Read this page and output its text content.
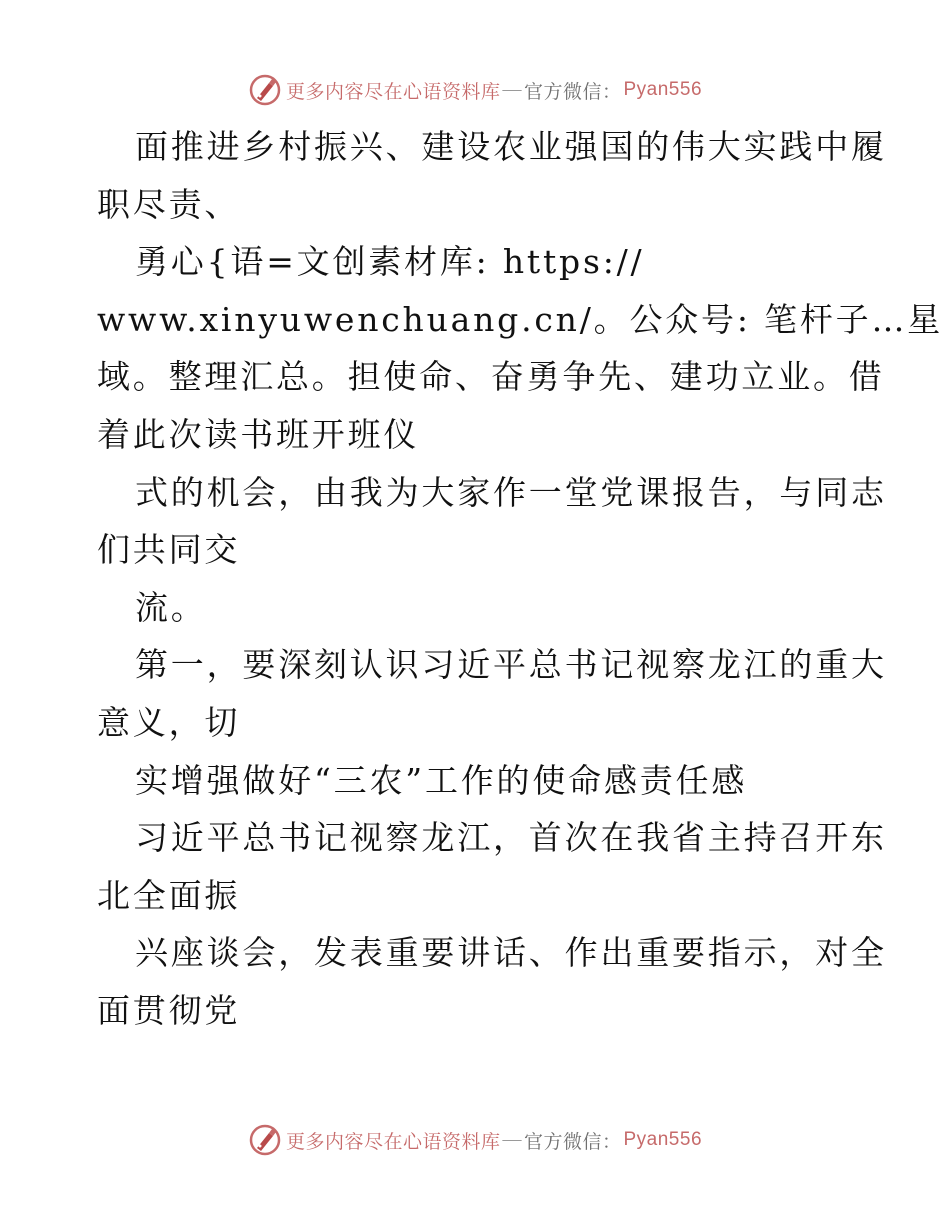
更多内容尽在心语资料库 — 官方微信： Pyan556
面推进乡村振兴、建设农业强国的伟大实践中履
职尽责、
勇心{语=文创素材库: https://
www.xinyuwenchuang.cn/。公众号: 笔杆子…星
域。整理汇总。担使命、奋勇争先、建功立业。借
着此次读书班开班仪
式的机会，由我为大家作一堂党课报告，与同志
们共同交
流。
第一，要深刻认识习近平总书记视察龙江的重大
意义，切
实增强做好“三农”工作的使命感责任感
习近平总书记视察龙江，首次在我省主持召开东
北全面振
兴座谈会，发表重要讲话、作出重要指示，对全
面贯彻党
更多内容尽在心语资料库 — 官方微信： Pyan556
